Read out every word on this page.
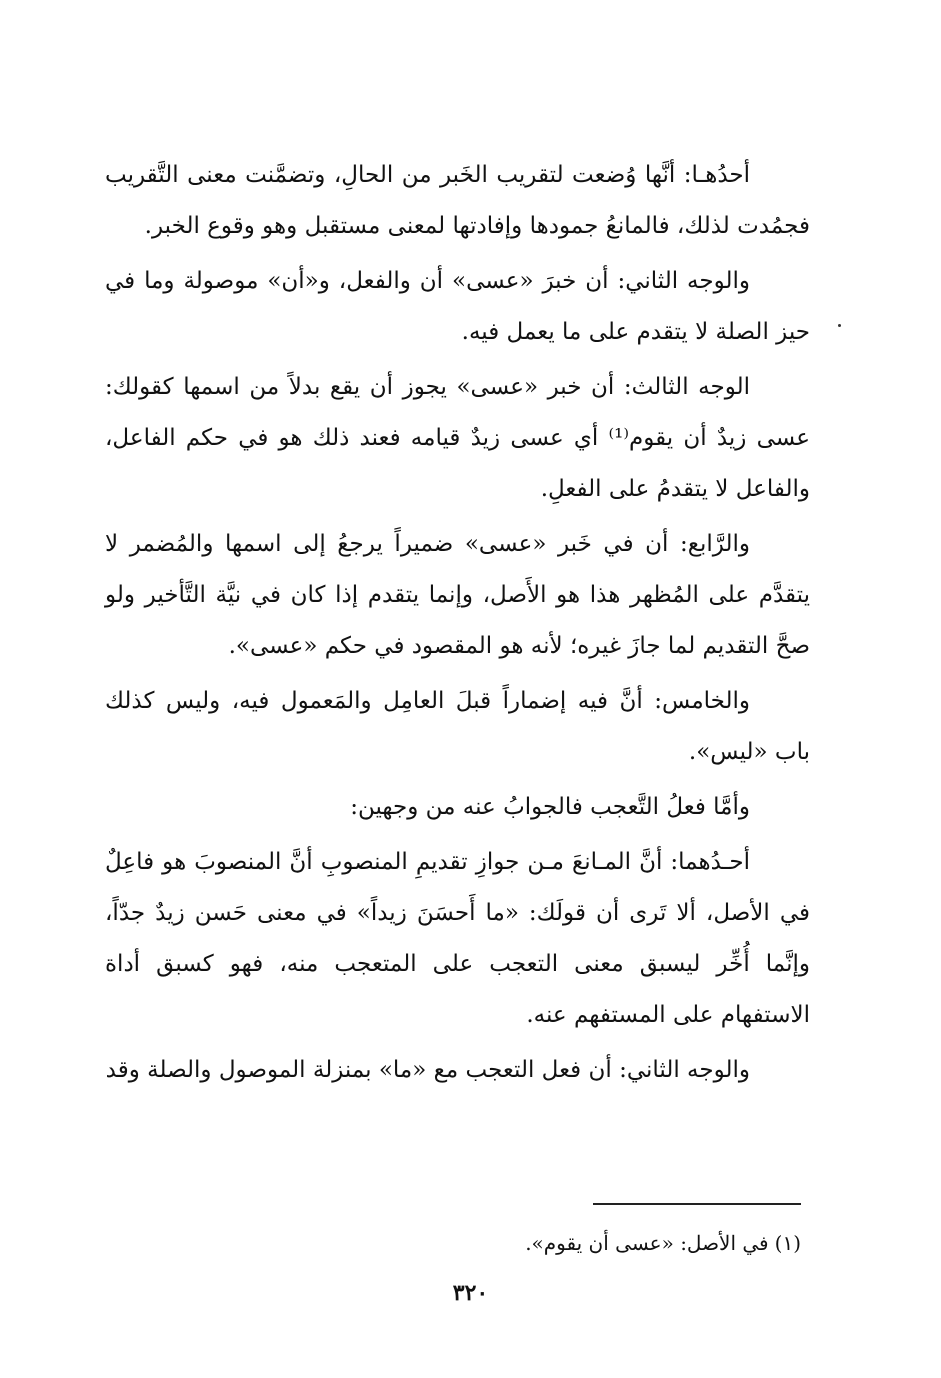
أحدُهـا: أنَّها وُضعت لتقريب الخَبر من الحالِ، وتضمَّنت معنى التَّقريب فجمُدت لذلك، فالمانعُ جمودها وإفادتها لمعنى مستقبل وهو وقوع الخبر.

والوجه الثاني: أن خبرَ «عسى» أن والفعل، و«أن» موصولة وما في حيز الصلة لا يتقدم على ما يعمل فيه.

الوجه الثالث: أن خبر «عسى» يجوز أن يقع بدلاً من اسمها كقولك: عسى زيدٌ أن يقوم⁽¹⁾ أي عسى زيدٌ قيامه فعند ذلك هو في حكم الفاعل، والفاعل لا يتقدمُ على الفعلِ.

والرَّابع: أن في خَبر «عسى» ضميراً يرجعُ إلى اسمها والمُضمر لا يتقدَّم على المُظهر هذا هو الأَصل، وإنما يتقدم إذا كان في نيَّة التَّأخير ولو صحَّ التقديم لما جازَ غيره؛ لأنه هو المقصود في حكم «عسى».

والخامس: أنَّ فيه إضماراً قبلَ العامِل والمَعمول فيه، وليس كذلك باب «ليس».

وأمَّا فعلُ التَّعجب فالجوابُ عنه من وجهين:

أحـدُهما: أنَّ المـانعَ مـن جوازِ تقديمِ المنصوبِ أنَّ المنصوبَ هو فاعِلٌ في الأصل، ألا تَرى أن قولَك: «ما أَحسَنَ زيداً» في معنى حَسن زيدٌ جدّاً، وإنَّما أُخِّر ليسبق معنى التعجب على المتعجب منه، فهو كسبق أداة الاستفهام على المستفهم عنه.

والوجه الثاني: أن فعل التعجب مع «ما» بمنزلة الموصول والصلة وقد

(١)في الأصل: «عسى أن يقوم».
٣٢٠
